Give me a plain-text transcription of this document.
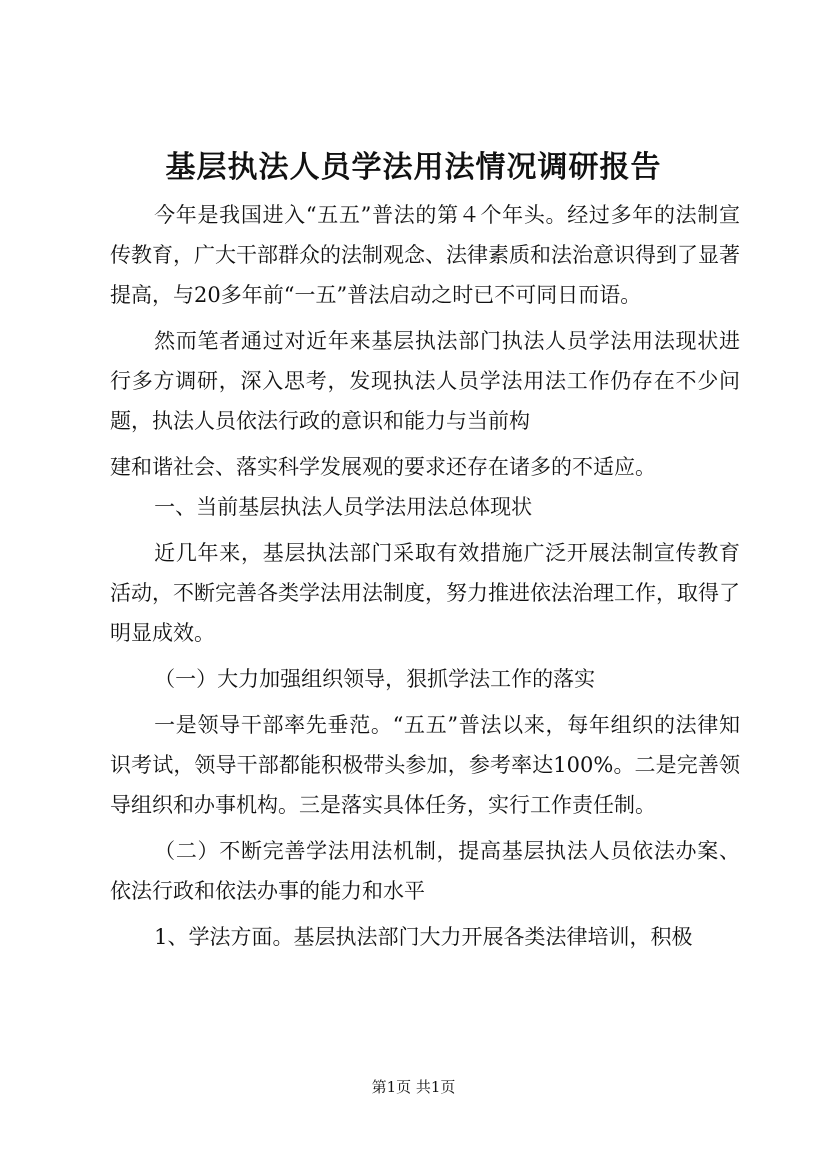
基层执法人员学法用法情况调研报告

今年是我国进入“五五”普法的第４个年头。经过多年的法制宣传教育，广大干部群众的法制观念、法律素质和法治意识得到了显著提高，与20多年前“一五”普法启动之时已不可同日而语。

然而笔者通过对近年来基层执法部门执法人员学法用法现状进行多方调研，深入思考，发现执法人员学法用法工作仍存在不少问题，执法人员依法行政的意识和能力与当前构

建和谐社会、落实科学发展观的要求还存在诸多的不适应。

一、当前基层执法人员学法用法总体现状

近几年来，基层执法部门采取有效措施广泛开展法制宣传教育活动，不断完善各类学法用法制度，努力推进依法治理工作，取得了明显成效。

（一）大力加强组织领导，狠抓学法工作的落实

一是领导干部率先垂范。“五五”普法以来，每年组织的法律知识考试，领导干部都能积极带头参加，参考率达100%。二是完善领导组织和办事机构。三是落实具体任务，实行工作责任制。

（二）不断完善学法用法机制，提高基层执法人员依法办案、依法行政和依法办事的能力和水平

1、学法方面。基层执法部门大力开展各类法律培训，积极

第1页 共1页
